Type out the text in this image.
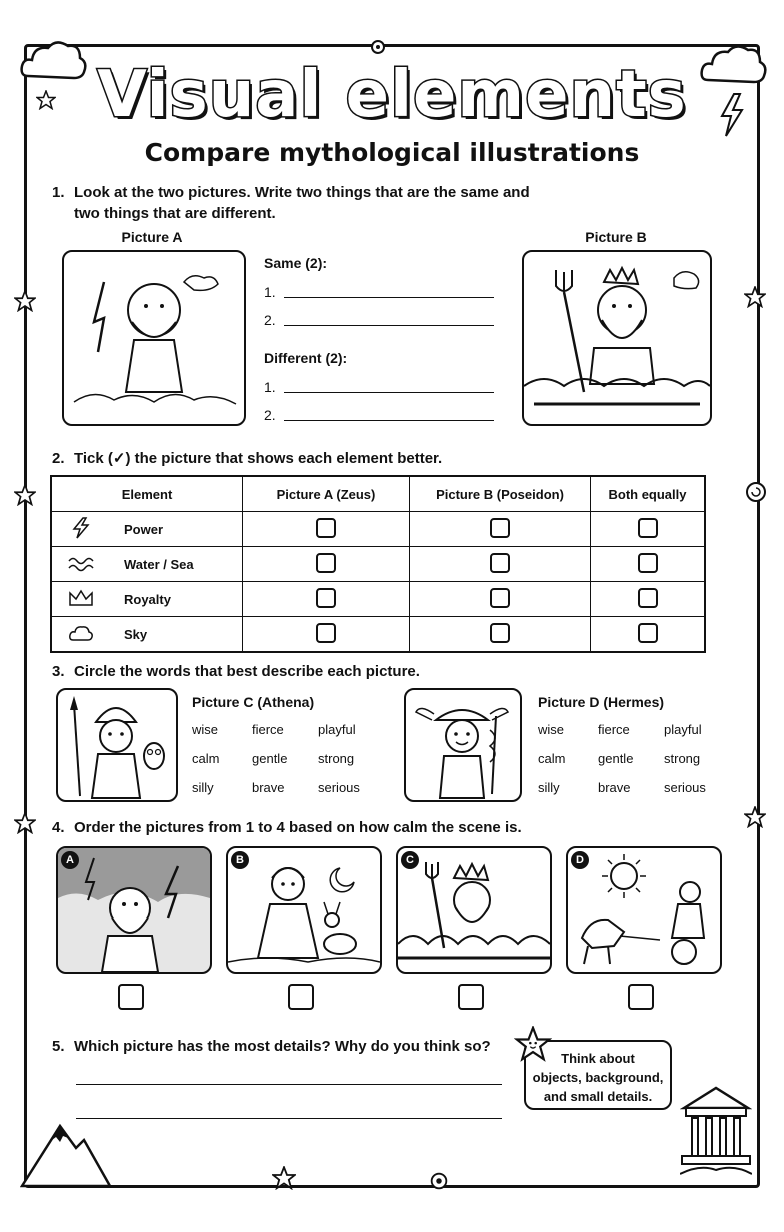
Visual elements
Compare mythological illustrations
1. Look at the two pictures. Write two things that are the same and
two things that are different.
Picture A	Picture B
Same (2):
1.
2.
Different (2):
1.
2.
2. Tick (✓) the picture that shows each element better.
Element	Picture A (Zeus)	Picture B (Poseidon)	Both equally

Power			

Water / Sea			

Royalty			

Sky			
3. Circle the words that best describe each picture.
Picture C (Athena)
wise	fierce	playful
calm	gentle strong
silly	brave	serious
Picture D (Hermes)
wise	fierce	playful
calm	gentle strong
silly	brave	serious
4. Order the pictures from 1 to 4 based on how calm the scene is.
A	B	C	D
5. Which picture has the most details? Why do you think so?
Think about
objects, background,
and small details.
